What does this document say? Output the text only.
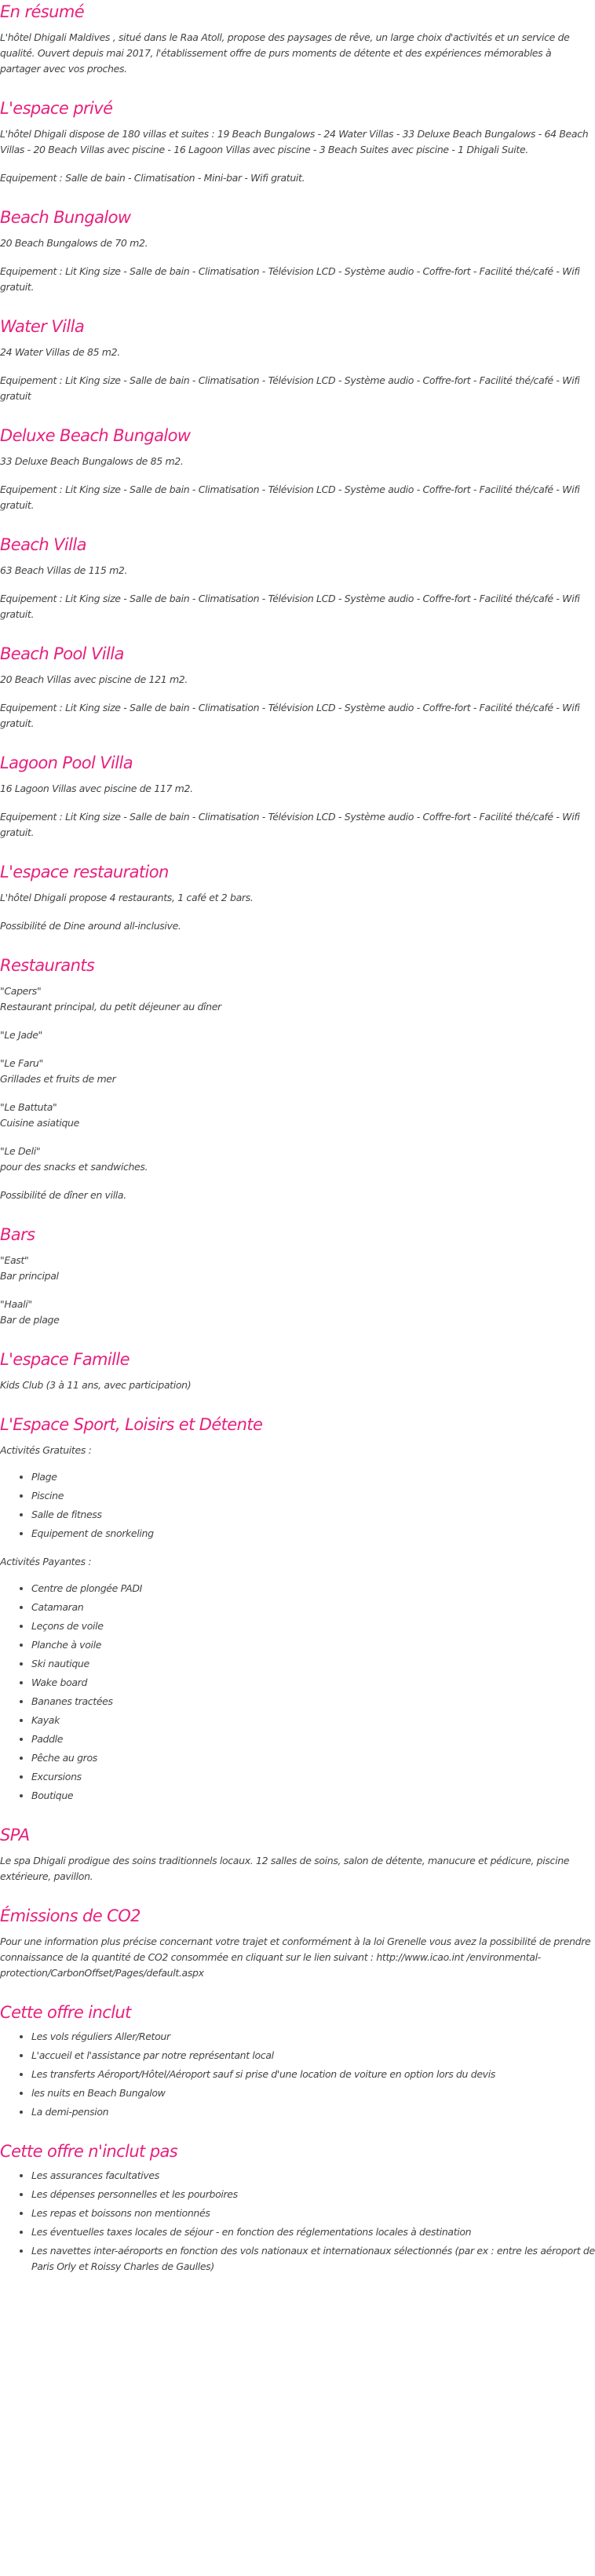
En résumé

L'hôtel Dhigali Maldives , situé dans le Raa Atoll, propose des paysages de rêve, un large choix d'activités et un service de qualité. Ouvert depuis mai 2017, l'établissement offre de purs moments de détente et des expériences mémorables à partager avec vos proches.

L'espace privé

L'hôtel Dhigali dispose de 180 villas et suites : 19 Beach Bungalows - 24 Water Villas - 33 Deluxe Beach Bungalows - 64 Beach Villas - 20 Beach Villas avec piscine - 16 Lagoon Villas avec piscine - 3 Beach Suites avec piscine - 1 Dhigali Suite.

Equipement : Salle de bain - Climatisation - Mini-bar - Wifi gratuit.

Beach Bungalow

20 Beach Bungalows de 70 m2.

Equipement : Lit King size - Salle de bain - Climatisation - Télévision LCD - Système audio - Coffre-fort - Facilité thé/café - Wifi gratuit.

Water Villa

24 Water Villas de 85 m2.

Equipement : Lit King size - Salle de bain - Climatisation - Télévision LCD - Système audio - Coffre-fort - Facilité thé/café - Wifi gratuit

Deluxe Beach Bungalow

33 Deluxe Beach Bungalows de 85 m2.

Equipement : Lit King size - Salle de bain - Climatisation - Télévision LCD - Système audio - Coffre-fort - Facilité thé/café - Wifi gratuit.

Beach Villa

63 Beach Villas de 115 m2.

Equipement : Lit King size - Salle de bain - Climatisation - Télévision LCD - Système audio - Coffre-fort - Facilité thé/café - Wifi gratuit.

Beach Pool Villa

20 Beach Villas avec piscine de 121 m2.

Equipement : Lit King size - Salle de bain - Climatisation - Télévision LCD - Système audio - Coffre-fort - Facilité thé/café - Wifi gratuit.

Lagoon Pool Villa

16 Lagoon Villas avec piscine de 117 m2.

Equipement : Lit King size - Salle de bain - Climatisation - Télévision LCD - Système audio - Coffre-fort - Facilité thé/café - Wifi gratuit.

L'espace restauration

L'hôtel Dhigali propose 4 restaurants, 1 café et 2 bars.

Possibilité de Dine around all-inclusive.

Restaurants

"Capers"
Restaurant principal, du petit déjeuner au dîner

"Le Jade"

"Le Faru"
Grillades et fruits de mer

"Le Battuta"
Cuisine asiatique

"Le Deli"
pour des snacks et sandwiches.

Possibilité de dîner en villa.

Bars

"East"
Bar principal

"Haali"
Bar de plage

L'espace Famille

Kids Club (3 à 11 ans, avec participation)

L'Espace Sport, Loisirs et Détente

Activités Gratuites :

• Plage
• Piscine
• Salle de fitness
• Equipement de snorkeling

Activités Payantes :

• Centre de plongée PADI
• Catamaran
• Leçons de voile
• Planche à voile
• Ski nautique
• Wake board
• Bananes tractées
• Kayak
• Paddle
• Pêche au gros
• Excursions
• Boutique
SPA

Le spa Dhigali prodigue des soins traditionnels locaux. 12 salles de soins, salon de détente, manucure et pédicure, piscine extérieure, pavillon.

Émissions de CO2

Pour une information plus précise concernant votre trajet et conformément à la loi Grenelle vous avez la possibilité de prendre connaissance de la quantité de CO2 consommée en cliquant sur le lien suivant : http://www.icao.int /environmental-protection/CarbonOffset/Pages/default.aspx

Cette offre inclut
• Les vols réguliers Aller/Retour
• L'accueil et l'assistance par notre représentant local
• Les transferts Aéroport/Hôtel/Aéroport sauf si prise d'une location de voiture en option lors du devis
• les nuits en Beach Bungalow
• La demi-pension
Cette offre n'inclut pas
• Les assurances facultatives
• Les dépenses personnelles et les pourboires
• Les repas et boissons non mentionnés
• Les éventuelles taxes locales de séjour - en fonction des réglementations locales à destination
• Les navettes inter-aéroports en fonction des vols nationaux et internationaux sélectionnés (par ex : entre les aéroport de Paris Orly et Roissy Charles de Gaulles)
